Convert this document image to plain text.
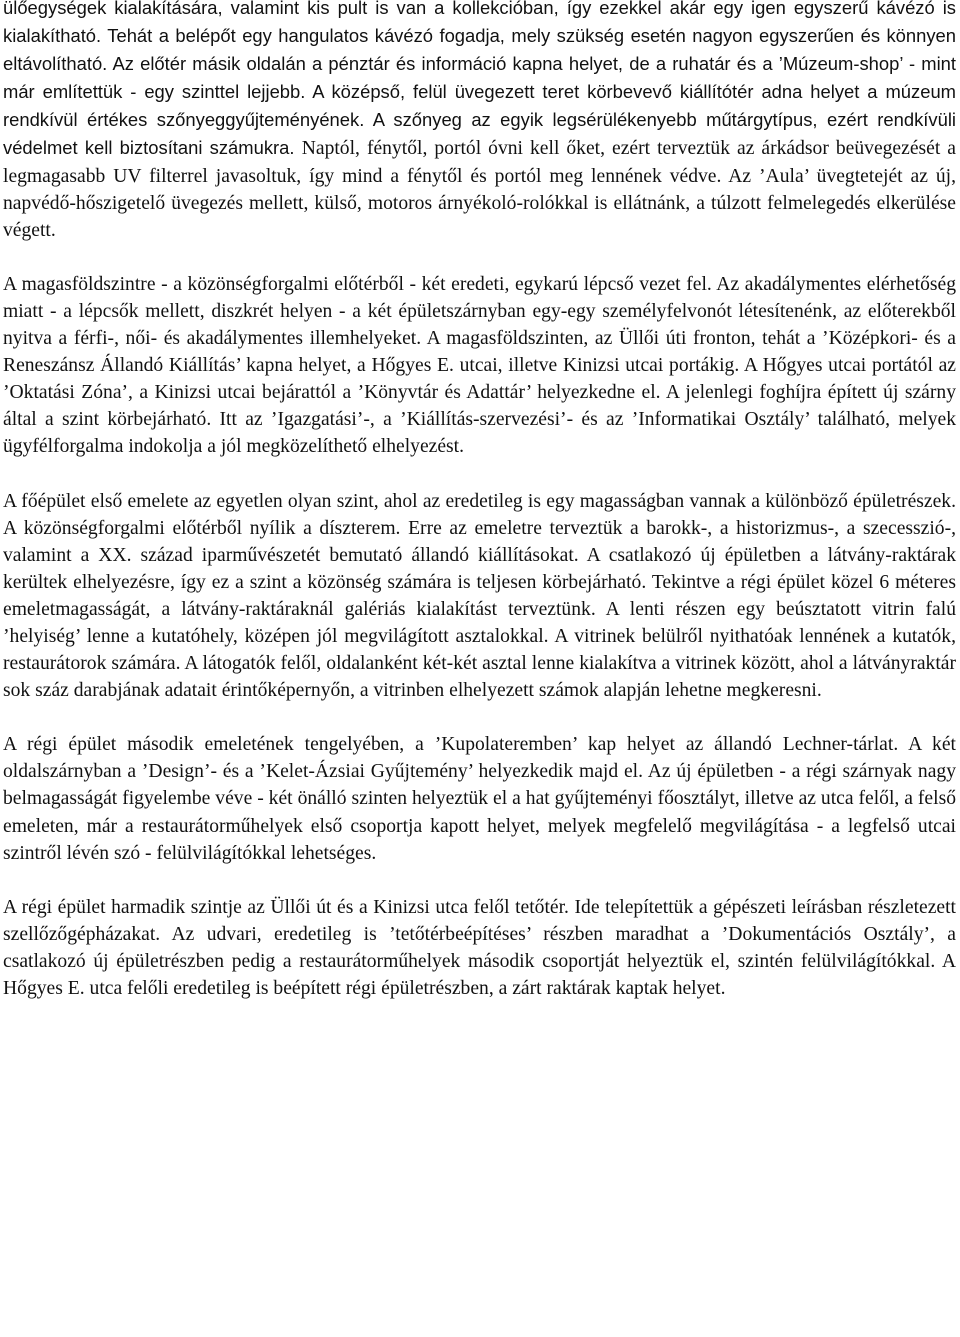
ülőegységek kialakítására, valamint kis pult is van a kollekcióban, így ezekkel akár egy igen egyszerű kávézó is kialakítható. Tehát a belépőt egy hangulatos kávézó fogadja, mely szükség esetén nagyon egyszerűen és könnyen eltávolítható. Az előtér másik oldalán a pénztár és információ kapna helyet, de a ruhatár és a ’Múzeum-shop’ - mint már említettük - egy szinttel lejjebb. A középső, felül üvegezett teret körbevevő kiállítótér adna helyet a múzeum rendkívül értékes szőnyeggyűjteményének. A szőnyeg az egyik legsérülékenyebb műtárgytípus, ezért rendkívüli védelmet kell biztosítani számukra. Naptól, fénytől, portól óvni kell őket, ezért terveztük az árkádsor beüvegezését a legmagasabb UV filterrel javasoltuk, így mind a fénytől és portól meg lennének védve. Az ’Aula’ üvegtetejét az új, napvédő-hőszigetelő üvegezés mellett, külső, motoros árnyékoló-rolókkal is ellátnánk, a túlzott felmelegedés elkerülése végett.

A magasföldszintre - a közönségforgalmi előtérből - két eredeti, egykarú lépcső vezet fel. Az akadálymentes elérhetőség miatt - a lépcsők mellett, diszkrét helyen - a két épületszárnyban egy-egy személyfelvonót létesítenénk, az előterekből nyitva a férfi-, női- és akadálymentes illemhelyeket. A magasföldszinten, az Üllői úti fronton, tehát a ’Középkori- és a Reneszánsz Állandó Kiállítás’ kapna helyet, a Hőgyes E. utcai, illetve Kinizsi utcai portákig. A Hőgyes utcai portától az ’Oktatási Zóna’, a Kinizsi utcai bejárattól a ’Könyvtár és Adattár’ helyezkedne el. A jelenlegi foghíjra épített új szárny által a szint körbejárható. Itt az ’Igazgatási’-, a ’Kiállítás-szervezési’- és az ’Informatikai Osztály’ található, melyek ügyfélforgalma indokolja a jól megközelíthető elhelyezést.

A főépület első emelete az egyetlen olyan szint, ahol az eredetileg is egy magasságban vannak a különböző épületrészek. A közönségforgalmi előtérből nyílik a díszterem. Erre az emeletre terveztük a barokk-, a historizmus-, a szecesszió-, valamint a XX. század iparművészetét bemutató állandó kiállításokat. A csatlakozó új épületben a látvány-raktárak kerültek elhelyezésre, így ez a szint a közönség számára is teljesen körbejárható. Tekintve a régi épület közel 6 méteres emeletmagasságát, a látvány-raktáraknál galériás kialakítást terveztünk. A lenti részen egy beúsztatott vitrin falú ’helyiség’ lenne a kutatóhely, középen jól megvilágított asztalokkal. A vitrinek belülről nyithatóak lennének a kutatók, restaurátorok számára. A látogatók felől, oldalanként két-két asztal lenne kialakítva a vitrinek között, ahol a látványraktár sok száz darabjának adatait érintőképernyőn, a vitrinben elhelyezett számok alapján lehetne megkeresni.

A régi épület második emeletének tengelyében, a ’Kupolateremben’ kap helyet az állandó Lechner-tárlat. A két oldalszárnyban a ’Design’- és a ’Kelet-Ázsiai Gyűjtemény’ helyezkedik majd el. Az új épületben - a régi szárnyak nagy belmagasságát figyelembe véve - két önálló szinten helyeztük el a hat gyűjteményi főosztályt, illetve az utca felől, a felső emeleten, már a restaurátorműhelyek első csoportja kapott helyet, melyek megfelelő megvilágítása - a legfelső utcai szintről lévén szó - felülvilágítókkal lehetséges.

A régi épület harmadik szintje az Üllői út és a Kinizsi utca felől tetőtér. Ide telepítettük a gépészeti leírásban részletezett szellőzőgépházakat. Az udvari, eredetileg is ’tetőtérbeépítéses’ részben maradhat a ’Dokumentációs Osztály’, a csatlakozó új épületrészben pedig a restaurátorműhelyek második csoportját helyeztük el, szintén felülvilágítókkal. A Hőgyes E. utca felőli eredetileg is beépített régi épületrészben, a zárt raktárak kaptak helyet.
